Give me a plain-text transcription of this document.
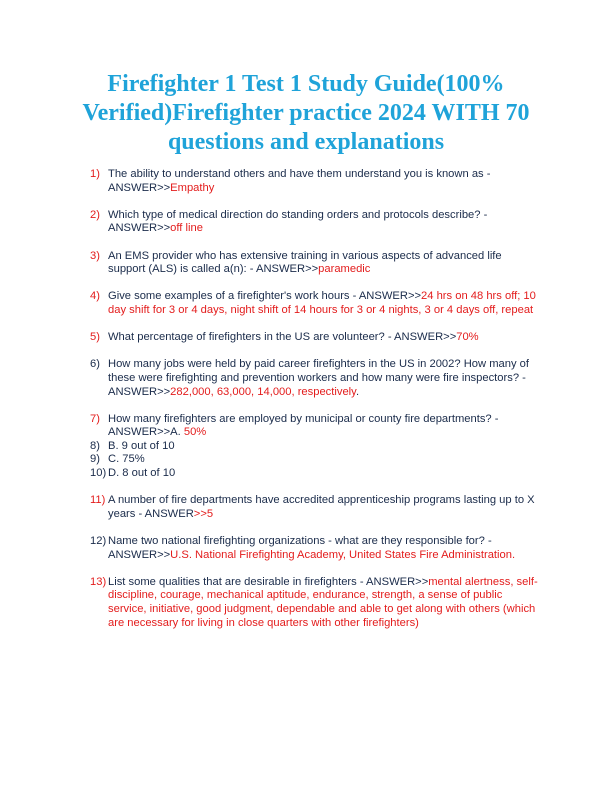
Firefighter 1 Test 1 Study Guide(100% Verified)Firefighter practice 2024 WITH 70 questions and explanations
1) The ability to understand others and have them understand you is known as - ANSWER>>Empathy
2) Which type of medical direction do standing orders and protocols describe? - ANSWER>>off line
3) An EMS provider who has extensive training in various aspects of advanced life support (ALS) is called a(n): - ANSWER>>paramedic
4) Give some examples of a firefighter's work hours - ANSWER>>24 hrs on 48 hrs off; 10 day shift for 3 or 4 days, night shift of 14 hours for 3 or 4 nights, 3 or 4 days off, repeat
5) What percentage of firefighters in the US are volunteer? - ANSWER>>70%
6) How many jobs were held by paid career firefighters in the US in 2002? How many of these were firefighting and prevention workers and how many were fire inspectors? - ANSWER>>282,000, 63,000, 14,000, respectively.
7) How many firefighters are employed by municipal or county fire departments? - ANSWER>>A. 50%
8) B. 9 out of 10
9) C. 75%
10) D. 8 out of 10
11) A number of fire departments have accredited apprenticeship programs lasting up to X years - ANSWER>>5
12) Name two national firefighting organizations - what are they responsible for? - ANSWER>>U.S. National Firefighting Academy, United States Fire Administration.
13) List some qualities that are desirable in firefighters - ANSWER>>mental alertness, self-discipline, courage, mechanical aptitude, endurance, strength, a sense of public service, initiative, good judgment, dependable and able to get along with others (which are necessary for living in close quarters with other firefighters)
